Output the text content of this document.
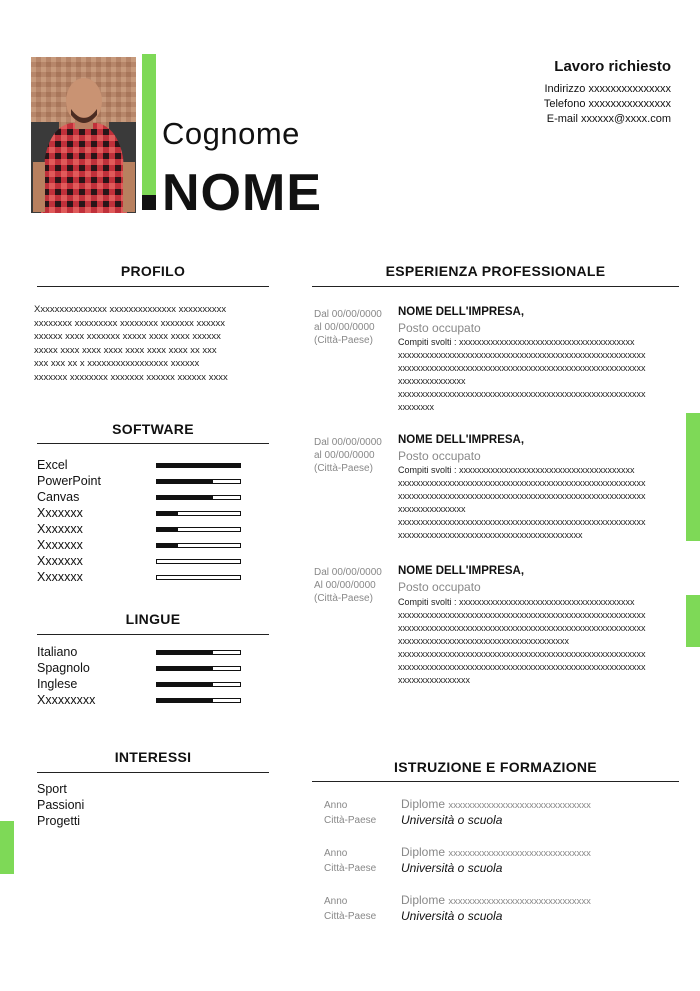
Cognome
NOME
Lavoro richiesto
Indirizzo xxxxxxxxxxxxxxx
Telefono xxxxxxxxxxxxxxx
E-mail xxxxxx@xxxx.com
PROFILO
Xxxxxxxxxxxxxxx xxxxxxxxxxxxxx xxxxxxxxxx
xxxxxxxx xxxxxxxxx xxxxxxxx xxxxxxx xxxxxx
xxxxxx xxxx xxxxxxx xxxxx xxxx xxxx xxxxxx
xxxxx xxxx xxxx xxxx xxxx xxxx xxxx xx xxx
xxx xxx xx x xxxxxxxxxxxxxxxxx xxxxxx
xxxxxxx xxxxxxxx xxxxxxx xxxxxx xxxxxx xxxx
SOFTWARE
Excel
PowerPoint
Canvas
Xxxxxxx
Xxxxxxx
Xxxxxxx
Xxxxxxx
Xxxxxxx
LINGUE
Italiano
Spagnolo
Inglese
Xxxxxxxxx
INTERESSI
Sport
Passioni
Progetti
ESPERIENZA PROFESSIONALE
Dal 00/00/0000
al 00/00/0000
(Città-Paese)
NOME DELL'IMPRESA,
Posto occupato
Compiti svolti : xxxxxxxxxxxxxxxxxxxxxxxxxxxxxxxxxxxxxxx
xxxxxxxxxxxxxxxxxxxxxxxxxxxxxxxxxxxxxxxxxxxxxxxxxxxxxxx
xxxxxxxxxxxxxxxxxxxxxxxxxxxxxxxxxxxxxxxxxxxxxxxxxxxxxxx
xxxxxxxxxxxxxxx
xxxxxxxxxxxxxxxxxxxxxxxxxxxxxxxxxxxxxxxxxxxxxxxxxxxxxxx
xxxxxxxx
Dal 00/00/0000
al 00/00/0000
(Città-Paese)
NOME DELL'IMPRESA,
Posto occupato
Compiti svolti : xxxxxxxxxxxxxxxxxxxxxxxxxxxxxxxxxxxxxxx
xxxxxxxxxxxxxxxxxxxxxxxxxxxxxxxxxxxxxxxxxxxxxxxxxxxxxxx
xxxxxxxxxxxxxxxxxxxxxxxxxxxxxxxxxxxxxxxxxxxxxxxxxxxxxxx
xxxxxxxxxxxxxxx
xxxxxxxxxxxxxxxxxxxxxxxxxxxxxxxxxxxxxxxxxxxxxxxxxxxxxxx
xxxxxxxxxxxxxxxxxxxxxxxxxxxxxxxxxxxxxxxxx
Dal 00/00/0000
Al 00/00/0000
(Città-Paese)
NOME DELL'IMPRESA,
Posto occupato
Compiti svolti : xxxxxxxxxxxxxxxxxxxxxxxxxxxxxxxxxxxxxxx
xxxxxxxxxxxxxxxxxxxxxxxxxxxxxxxxxxxxxxxxxxxxxxxxxxxxxxx
xxxxxxxxxxxxxxxxxxxxxxxxxxxxxxxxxxxxxxxxxxxxxxxxxxxxxxx
xxxxxxxxxxxxxxxxxxxxxxxxxxxxxxxxxxxxxx
xxxxxxxxxxxxxxxxxxxxxxxxxxxxxxxxxxxxxxxxxxxxxxxxxxxxxxx
xxxxxxxxxxxxxxxxxxxxxxxxxxxxxxxxxxxxxxxxxxxxxxxxxxxxxxx
xxxxxxxxxxxxxxxx
ISTRUZIONE E FORMAZIONE
Anno
Città-Paese
Diplome xxxxxxxxxxxxxxxxxxxxxxxxxxxxxx
Università o scuola
Anno
Città-Paese
Diplome xxxxxxxxxxxxxxxxxxxxxxxxxxxxxx
Università o scuola
Anno
Città-Paese
Diplome xxxxxxxxxxxxxxxxxxxxxxxxxxxxxx
Università o scuola
